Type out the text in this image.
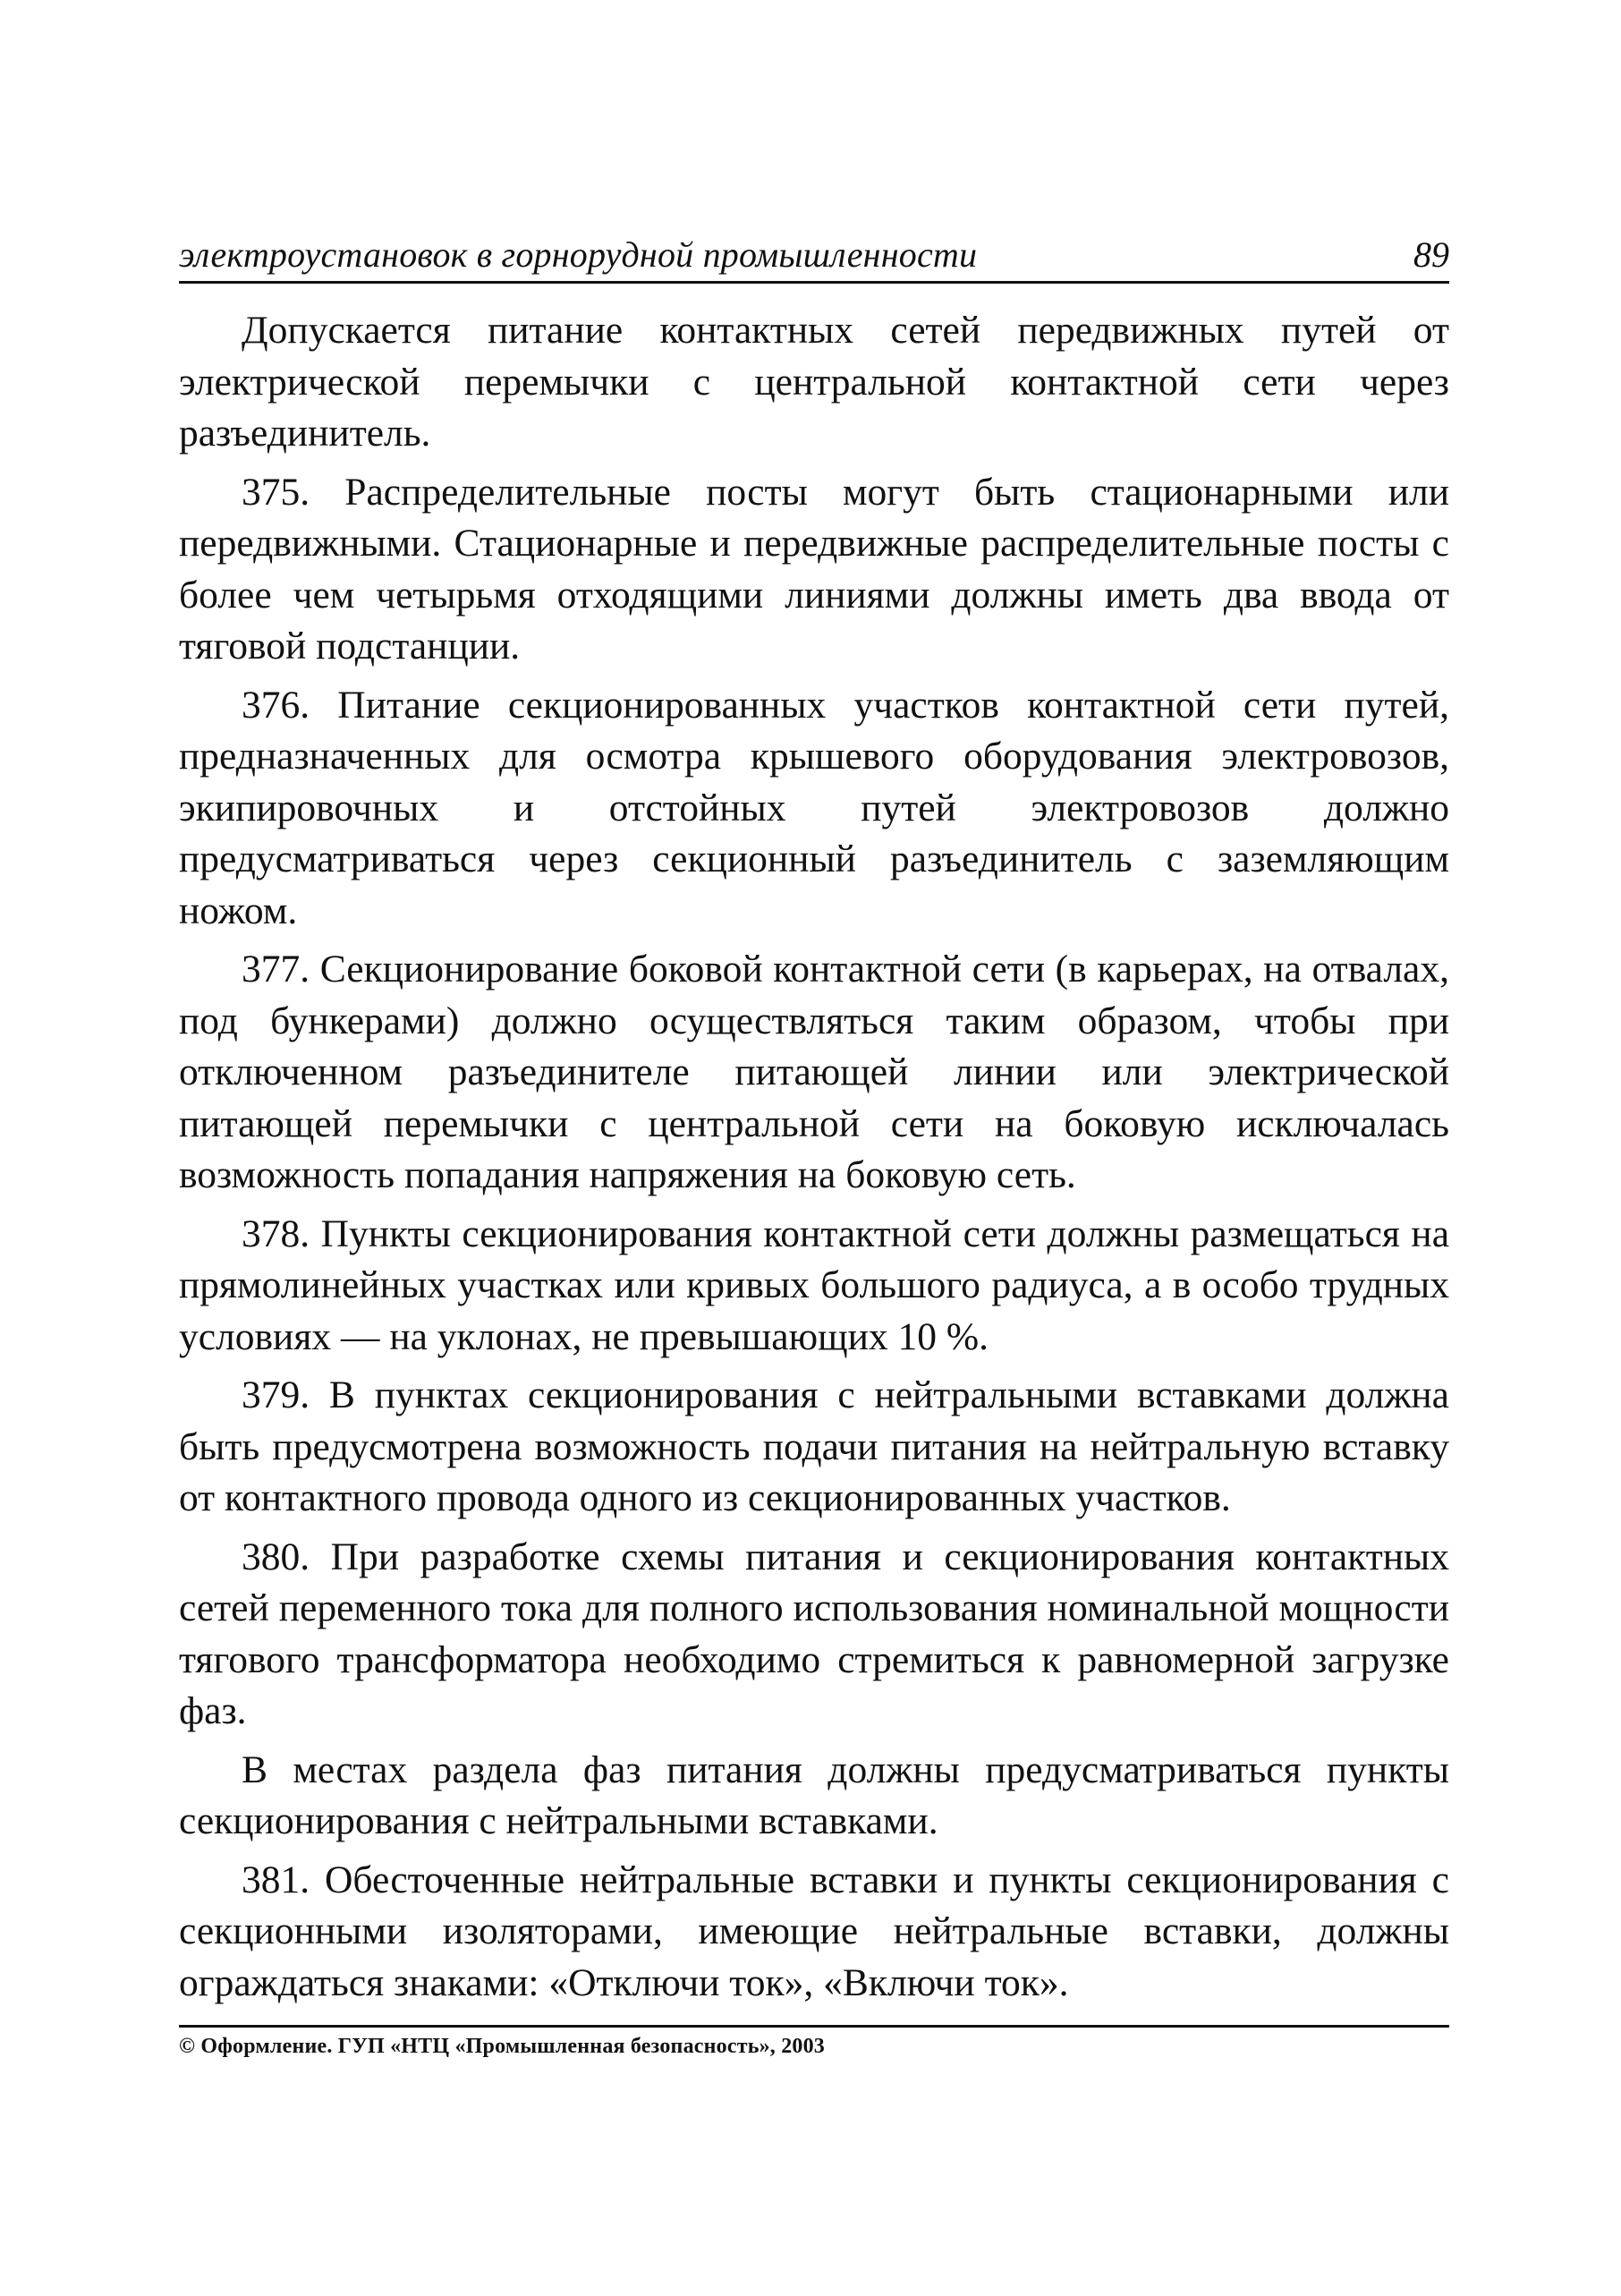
электроустановок в горнорудной промышленности	89

Допускается питание контактных сетей передвижных путей от электрической перемычки с центральной контактной сети через разъединитель.

375. Распределительные посты могут быть стационарными или передвижными. Стационарные и передвижные распределительные посты с более чем четырьмя отходящими линиями должны иметь два ввода от тяговой подстанции.

376. Питание секционированных участков контактной сети путей, предназначенных для осмотра крышевого оборудования электровозов, экипировочных и отстойных путей электровозов должно предусматриваться через секционный разъединитель с заземляющим ножом.

377. Секционирование боковой контактной сети (в карьерах, на отвалах, под бункерами) должно осуществляться таким образом, чтобы при отключенном разъединителе питающей линии или электрической питающей перемычки с центральной сети на боковую исключалась возможность попадания напряжения на боковую сеть.

378. Пункты секционирования контактной сети должны размещаться на прямолинейных участках или кривых большого радиуса, а в особо трудных условиях — на уклонах, не превышающих 10 %.

379. В пунктах секционирования с нейтральными вставками должна быть предусмотрена возможность подачи питания на нейтральную вставку от контактного провода одного из секционированных участков.

380. При разработке схемы питания и секционирования контактных сетей переменного тока для полного использования номинальной мощности тягового трансформатора необходимо стремиться к равномерной загрузке фаз.

В местах раздела фаз питания должны предусматриваться пункты секционирования с нейтральными вставками.

381. Обесточенные нейтральные вставки и пункты секционирования с секционными изоляторами, имеющие нейтральные вставки, должны ограждаться знаками: «Отключи ток», «Включи ток».

© Оформление. ГУП «НТЦ «Промышленная безопасность», 2003
